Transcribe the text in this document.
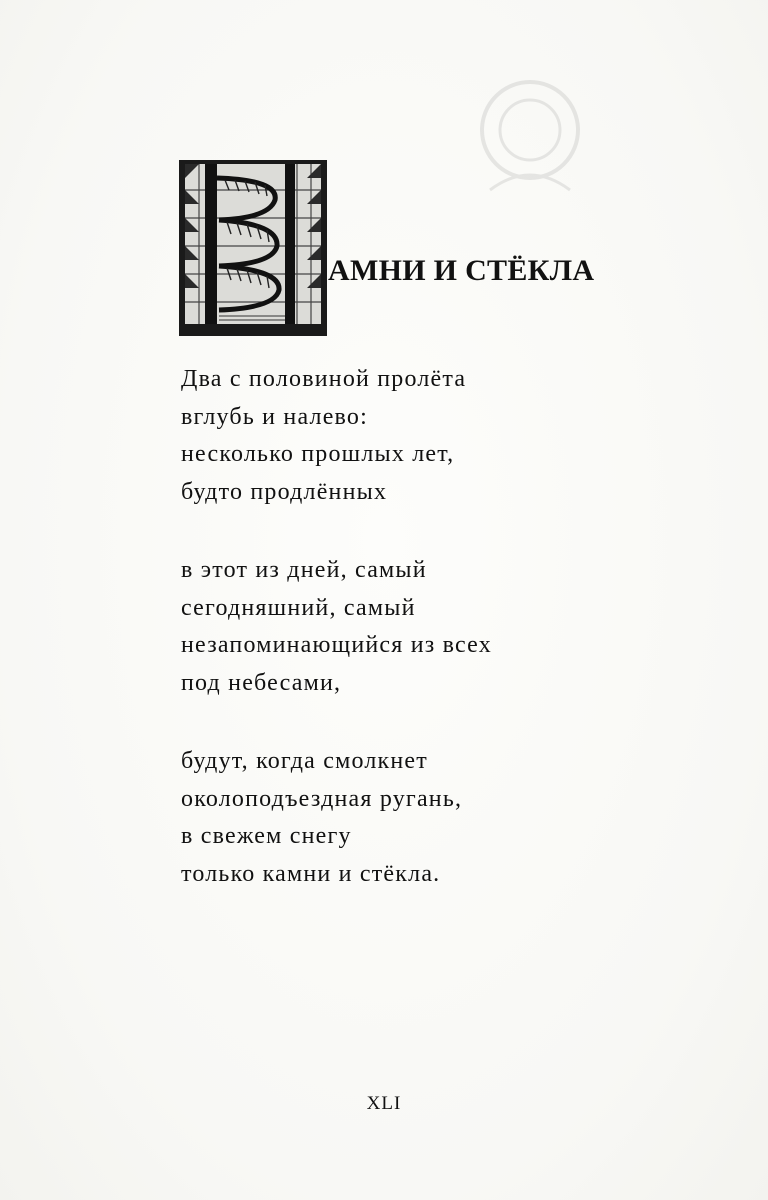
АМНИ И СТЁКЛА

Два с половиной пролёта
вглубь и налево:
несколько прошлых лет,
будто продлённых

в этот из дней, самый
сегодняшний, самый
незапоминающийся из всех
под небесами,

будут, когда смолкнет
околоподъездная ругань,
в свежем снегу
только камни и стёкла.

XLI
